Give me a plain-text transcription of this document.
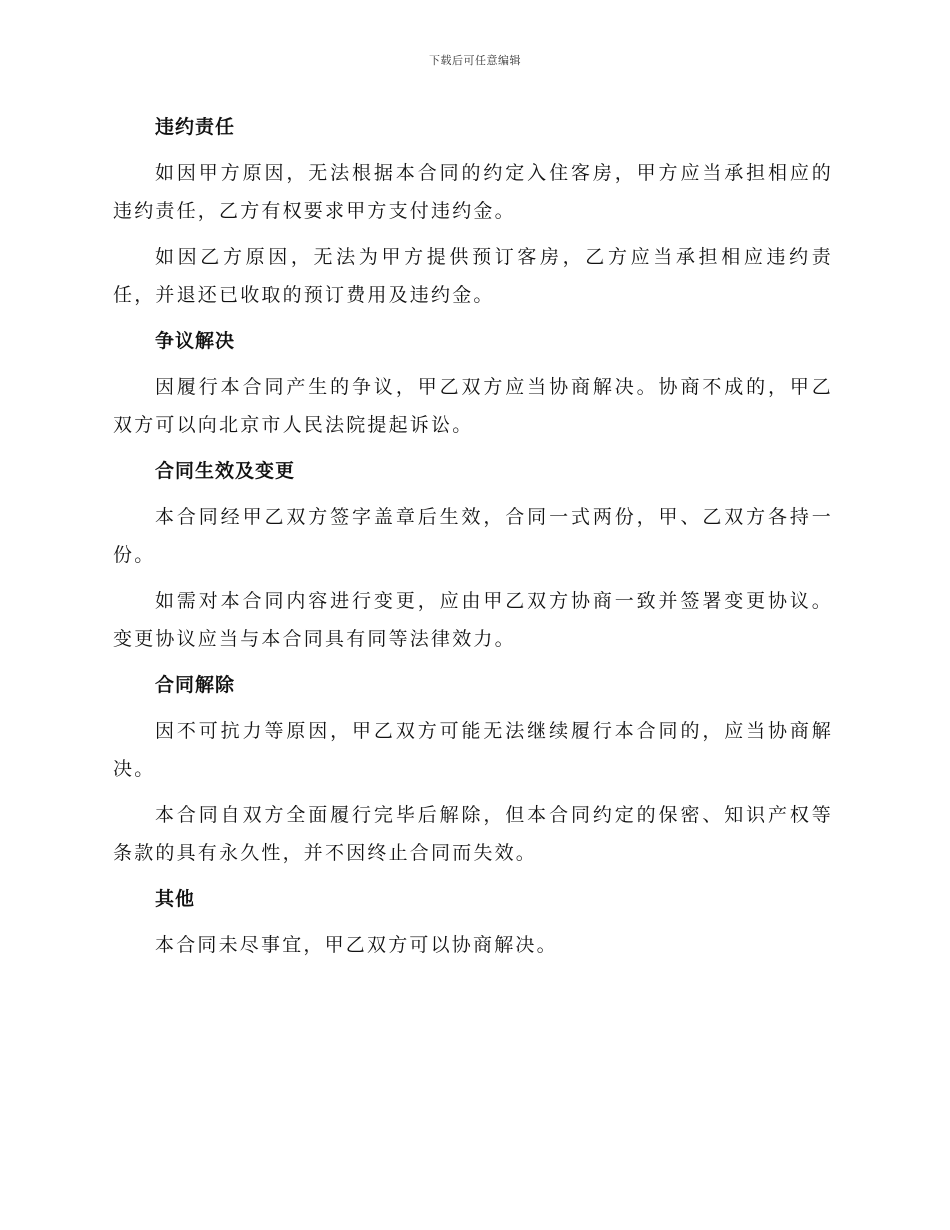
下载后可任意编辑
违约责任

如因甲方原因，无法根据本合同的约定入住客房，甲方应当承担相应的违约责任，乙方有权要求甲方支付违约金。

如因乙方原因，无法为甲方提供预订客房，乙方应当承担相应违约责任，并退还已收取的预订费用及违约金。

争议解决

因履行本合同产生的争议，甲乙双方应当协商解决。协商不成的，甲乙双方可以向北京市人民法院提起诉讼。

合同生效及变更

本合同经甲乙双方签字盖章后生效，合同一式两份，甲、乙双方各持一份。

如需对本合同内容进行变更，应由甲乙双方协商一致并签署变更协议。变更协议应当与本合同具有同等法律效力。

合同解除

因不可抗力等原因，甲乙双方可能无法继续履行本合同的，应当协商解决。

本合同自双方全面履行完毕后解除，但本合同约定的保密、知识产权等条款的具有永久性，并不因终止合同而失效。

其他

本合同未尽事宜，甲乙双方可以协商解决。
